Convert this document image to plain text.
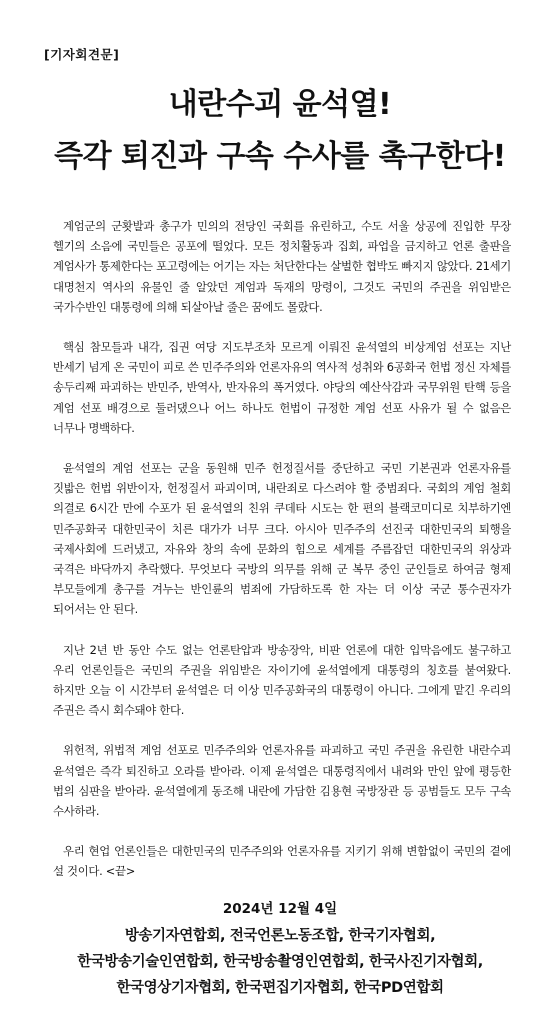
[기자회견문]
내란수괴 윤석열!
즉각 퇴진과 구속 수사를 촉구한다!

계엄군의 군홧발과 총구가 민의의 전당인 국회를 유린하고, 수도 서울 상공에 진입한 무장 헬기의 소음에 국민들은 공포에 떨었다. 모든 정치활동과 집회, 파업을 금지하고 언론 출판을 계엄사가 통제한다는 포고령에는 어기는 자는 처단한다는 살벌한 협박도 빠지지 않았다. 21세기 대명천지 역사의 유물인 줄 알았던 계엄과 독재의 망령이, 그것도 국민의 주권을 위임받은 국가수반인 대통령에 의해 되살아날 줄은 꿈에도 몰랐다.

핵심 참모들과 내각, 집권 여당 지도부조차 모르게 이뤄진 윤석열의 비상계엄 선포는 지난 반세기 넘게 온 국민이 피로 쓴 민주주의와 언론자유의 역사적 성취와 6공화국 헌법 정신 자체를 송두리째 파괴하는 반민주, 반역사, 반자유의 폭거였다. 야당의 예산삭감과 국무위원 탄핵 등을 계엄 선포 배경으로 둘러댔으나 어느 하나도 헌법이 규정한 계엄 선포 사유가 될 수 없음은 너무나 명백하다.

윤석열의 계엄 선포는 군을 동원해 민주 헌정질서를 중단하고 국민 기본권과 언론자유를 짓밟은 헌법 위반이자, 헌정질서 파괴이며, 내란죄로 다스려야 할 중범죄다. 국회의 계엄 철회 의결로 6시간 만에 수포가 된 윤석열의 친위 쿠데타 시도는 한 편의 블랙코미디로 치부하기엔 민주공화국 대한민국이 치른 대가가 너무 크다. 아시아 민주주의 선진국 대한민국의 퇴행을 국제사회에 드러냈고, 자유와 창의 속에 문화의 힘으로 세계를 주름잡던 대한민국의 위상과 국격은 바닥까지 추락했다. 무엇보다 국방의 의무를 위해 군 복무 중인 군인들로 하여금 형제 부모들에게 총구를 겨누는 반인륜의 범죄에 가담하도록 한 자는 더 이상 국군 통수권자가 되어서는 안 된다.

지난 2년 반 동안 수도 없는 언론탄압과 방송장악, 비판 언론에 대한 입막음에도 불구하고 우리 언론인들은 국민의 주권을 위임받은 자이기에 윤석열에게 대통령의 칭호를 붙여왔다. 하지만 오늘 이 시간부터 윤석열은 더 이상 민주공화국의 대통령이 아니다. 그에게 맡긴 우리의 주권은 즉시 회수돼야 한다.

위헌적, 위법적 계엄 선포로 민주주의와 언론자유를 파괴하고 국민 주권을 유린한 내란수괴 윤석열은 즉각 퇴진하고 오라를 받아라. 이제 윤석열은 대통령직에서 내려와 만인 앞에 평등한 법의 심판을 받아라. 윤석열에게 동조해 내란에 가담한 김용현 국방장관 등 공범들도 모두 구속 수사하라.

우리 현업 언론인들은 대한민국의 민주주의와 언론자유를 지키기 위해 변함없이 국민의 곁에 설 것이다. <끝>

2024년 12월 4일
방송기자연합회, 전국언론노동조합, 한국기자협회,
한국방송기술인연합회, 한국방송촬영인연합회, 한국사진기자협회,
한국영상기자협회, 한국편집기자협회, 한국PD연합회
